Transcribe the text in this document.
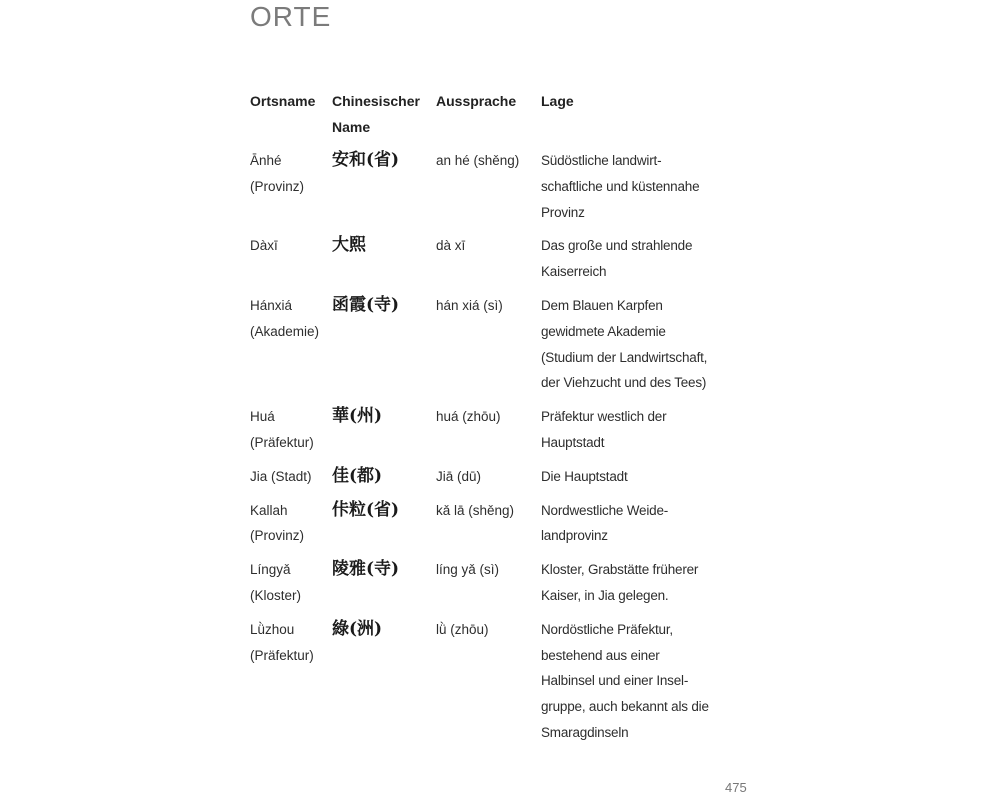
ORTE
Ortsname	Chinesischer Name	Aussprache	Lage
Ānhé (Provinz)	安和(省)	an hé (shěng)	Südöstliche landwirtschaftliche und küstennahe Provinz
Dàxī	大熙	dà xī	Das große und strahlende Kaiserreich
Hánxiá (Akademie)	函霞(寺)	hán xiá (sì)	Dem Blauen Karpfen gewidmete Akademie (Studium der Landwirtschaft, der Viehzucht und des Tees)
Huá (Präfektur)	華(州)	huá (zhōu)	Präfektur westlich der Hauptstadt
Jia (Stadt)	佳(都)	Jiā (dū)	Die Hauptstadt
Kallah (Provinz)	佧粒(省)	kǎ lā (shěng)	Nordwestliche Weidelandprovinz
Língyǎ (Kloster)	陵雅(寺)	líng yǎ (sì)	Kloster, Grabstätte früherer Kaiser, in Jia gelegen.
Lǜzhou (Präfektur)	綠(洲)	lǜ (zhōu)	Nordöstliche Präfektur, bestehend aus einer Halbinsel und einer Inselgruppe, auch bekannt als die Smaragdinseln
475
